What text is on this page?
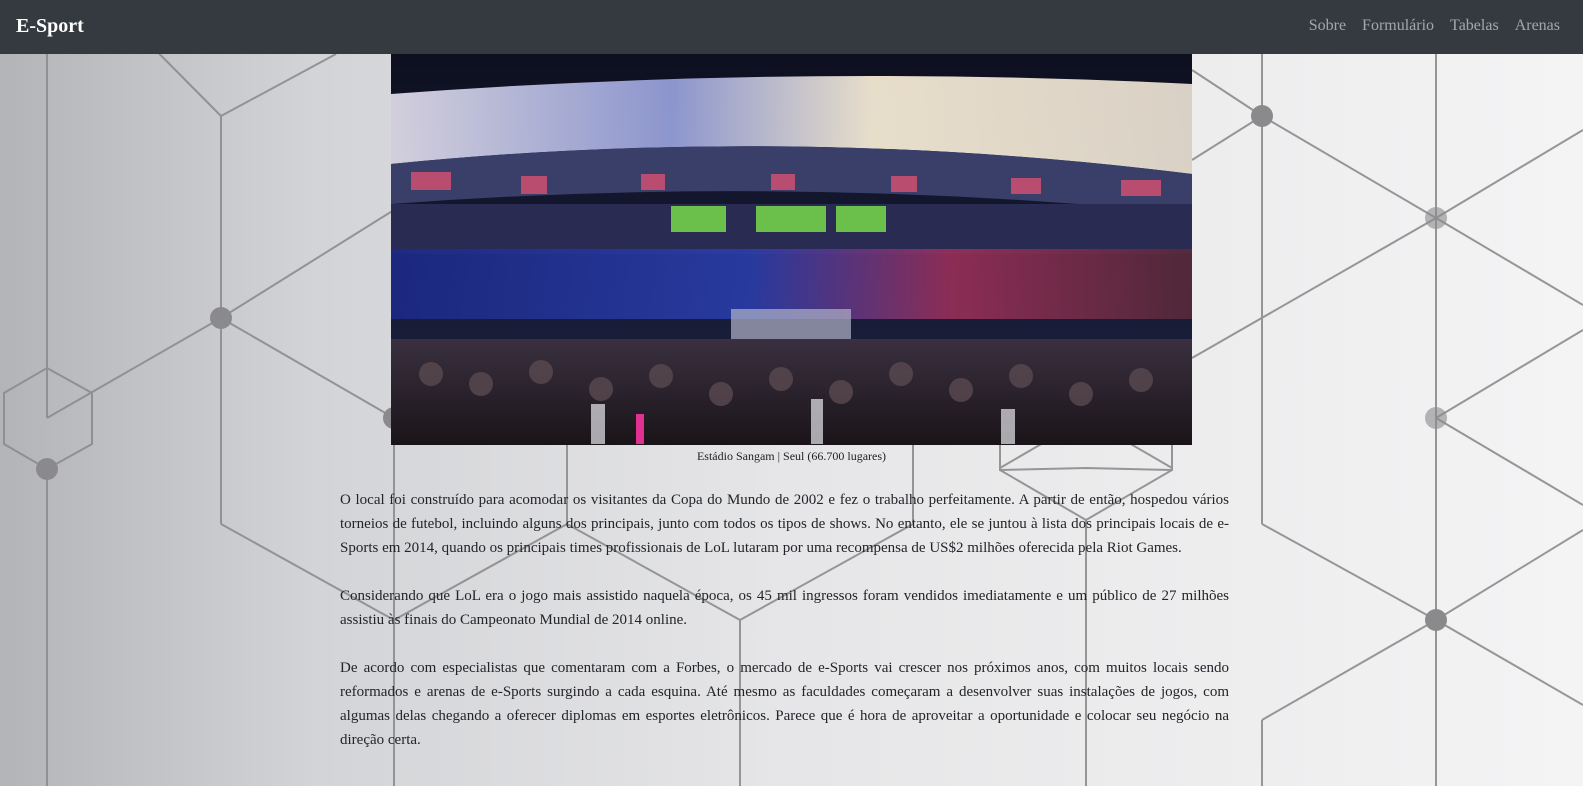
E-Sport	Sobre Formulário Tabelas Arenas
Estádio Sangam | Seul (66.700 lugares)

O local foi construído para acomodar os visitantes da Copa do Mundo de 2002 e fez o trabalho perfeitamente. A partir de então, hospedou vários torneios de futebol, incluindo alguns dos principais, junto com todos os tipos de shows. No entanto, ele se juntou à lista dos principais locais de e-Sports em 2014, quando os principais times profissionais de LoL lutaram por uma recompensa de US$2 milhões oferecida pela Riot Games.

Considerando que LoL era o jogo mais assistido naquela época, os 45 mil ingressos foram vendidos imediatamente e um público de 27 milhões assistiu às finais do Campeonato Mundial de 2014 online.

De acordo com especialistas que comentaram com a Forbes, o mercado de e-Sports vai crescer nos próximos anos, com muitos locais sendo reformados e arenas de e-Sports surgindo a cada esquina. Até mesmo as faculdades começaram a desenvolver suas instalações de jogos, com algumas delas chegando a oferecer diplomas em esportes eletrônicos. Parece que é hora de aproveitar a oportunidade e colocar seu negócio na direção certa.
